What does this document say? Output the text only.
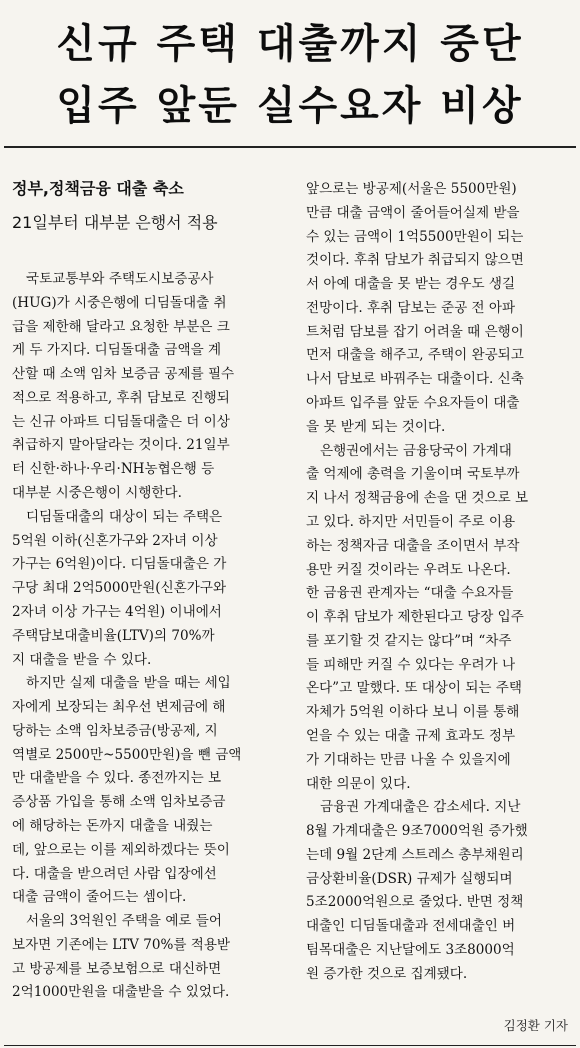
신규 주택 대출까지 중단
입주 앞둔 실수요자 비상

정부,정책금융 대출 축소

21일부터 대부분 은행서 적용

국토교통부와 주택도시보증공사
(HUG)가 시중은행에 디딤돌대출 취
급을 제한해 달라고 요청한 부분은 크
게 두 가지다. 디딤돌대출 금액을 계
산할 때 소액 임차 보증금 공제를 필수
적으로 적용하고, 후취 담보로 진행되
는 신규 아파트 디딤돌대출은 더 이상
취급하지 말아달라는 것이다. 21일부
터 신한·하나·우리·NH농협은행 등
대부분 시중은행이 시행한다.
디딤돌대출의 대상이 되는 주택은
5억원 이하(신혼가구와 2자녀 이상
가구는 6억원)이다. 디딤돌대출은 가
구당 최대 2억5000만원(신혼가구와
2자녀 이상 가구는 4억원) 이내에서
주택담보대출비율(LTV)의 70%까
지 대출을 받을 수 있다.
하지만 실제 대출을 받을 때는 세입
자에게 보장되는 최우선 변제금에 해
당하는 소액 임차보증금(방공제, 지
역별로 2500만~5500만원)을 뺀 금액
만 대출받을 수 있다. 종전까지는 보
증상품 가입을 통해 소액 임차보증금
에 해당하는 돈까지 대출을 내줬는
데, 앞으로는 이를 제외하겠다는 뜻이
다. 대출을 받으려던 사람 입장에선
대출 금액이 줄어드는 셈이다.
서울의 3억원인 주택을 예로 들어
보자면 기존에는 LTV 70%를 적용받
고 방공제를 보증보험으로 대신하면
2억1000만원을 대출받을 수 있었다.
앞으로는 방공제(서울은 5500만원)
만큼 대출 금액이 줄어들어실제 받을
수 있는 금액이 1억5500만원이 되는
것이다. 후취 담보가 취급되지 않으면
서 아예 대출을 못 받는 경우도 생길
전망이다. 후취 담보는 준공 전 아파
트처럼 담보를 잡기 어려울 때 은행이
먼저 대출을 해주고, 주택이 완공되고
나서 담보로 바꿔주는 대출이다. 신축
아파트 입주를 앞둔 수요자들이 대출
을 못 받게 되는 것이다.
은행권에서는 금융당국이 가계대
출 억제에 총력을 기울이며 국토부까
지 나서 정책금융에 손을 댄 것으로 보
고 있다. 하지만 서민들이 주로 이용
하는 정책자금 대출을 조이면서 부작
용만 커질 것이라는 우려도 나온다.
한 금융권 관계자는 “대출 수요자들
이 후취 담보가 제한된다고 당장 입주
를 포기할 것 같지는 않다”며 “차주
들 피해만 커질 수 있다는 우려가 나
온다”고 말했다. 또 대상이 되는 주택
자체가 5억원 이하다 보니 이를 통해
얻을 수 있는 대출 규제 효과도 정부
가 기대하는 만큼 나올 수 있을지에
대한 의문이 있다.
금융권 가계대출은 감소세다. 지난
8월 가계대출은 9조7000억원 증가했
는데 9월 2단계 스트레스 총부채원리
금상환비율(DSR) 규제가 실행되며
5조2000억원으로 줄었다. 반면 정책
대출인 디딤돌대출과 전세대출인 버
팀목대출은 지난달에도 3조8000억
원 증가한 것으로 집계됐다.
김정환 기자
